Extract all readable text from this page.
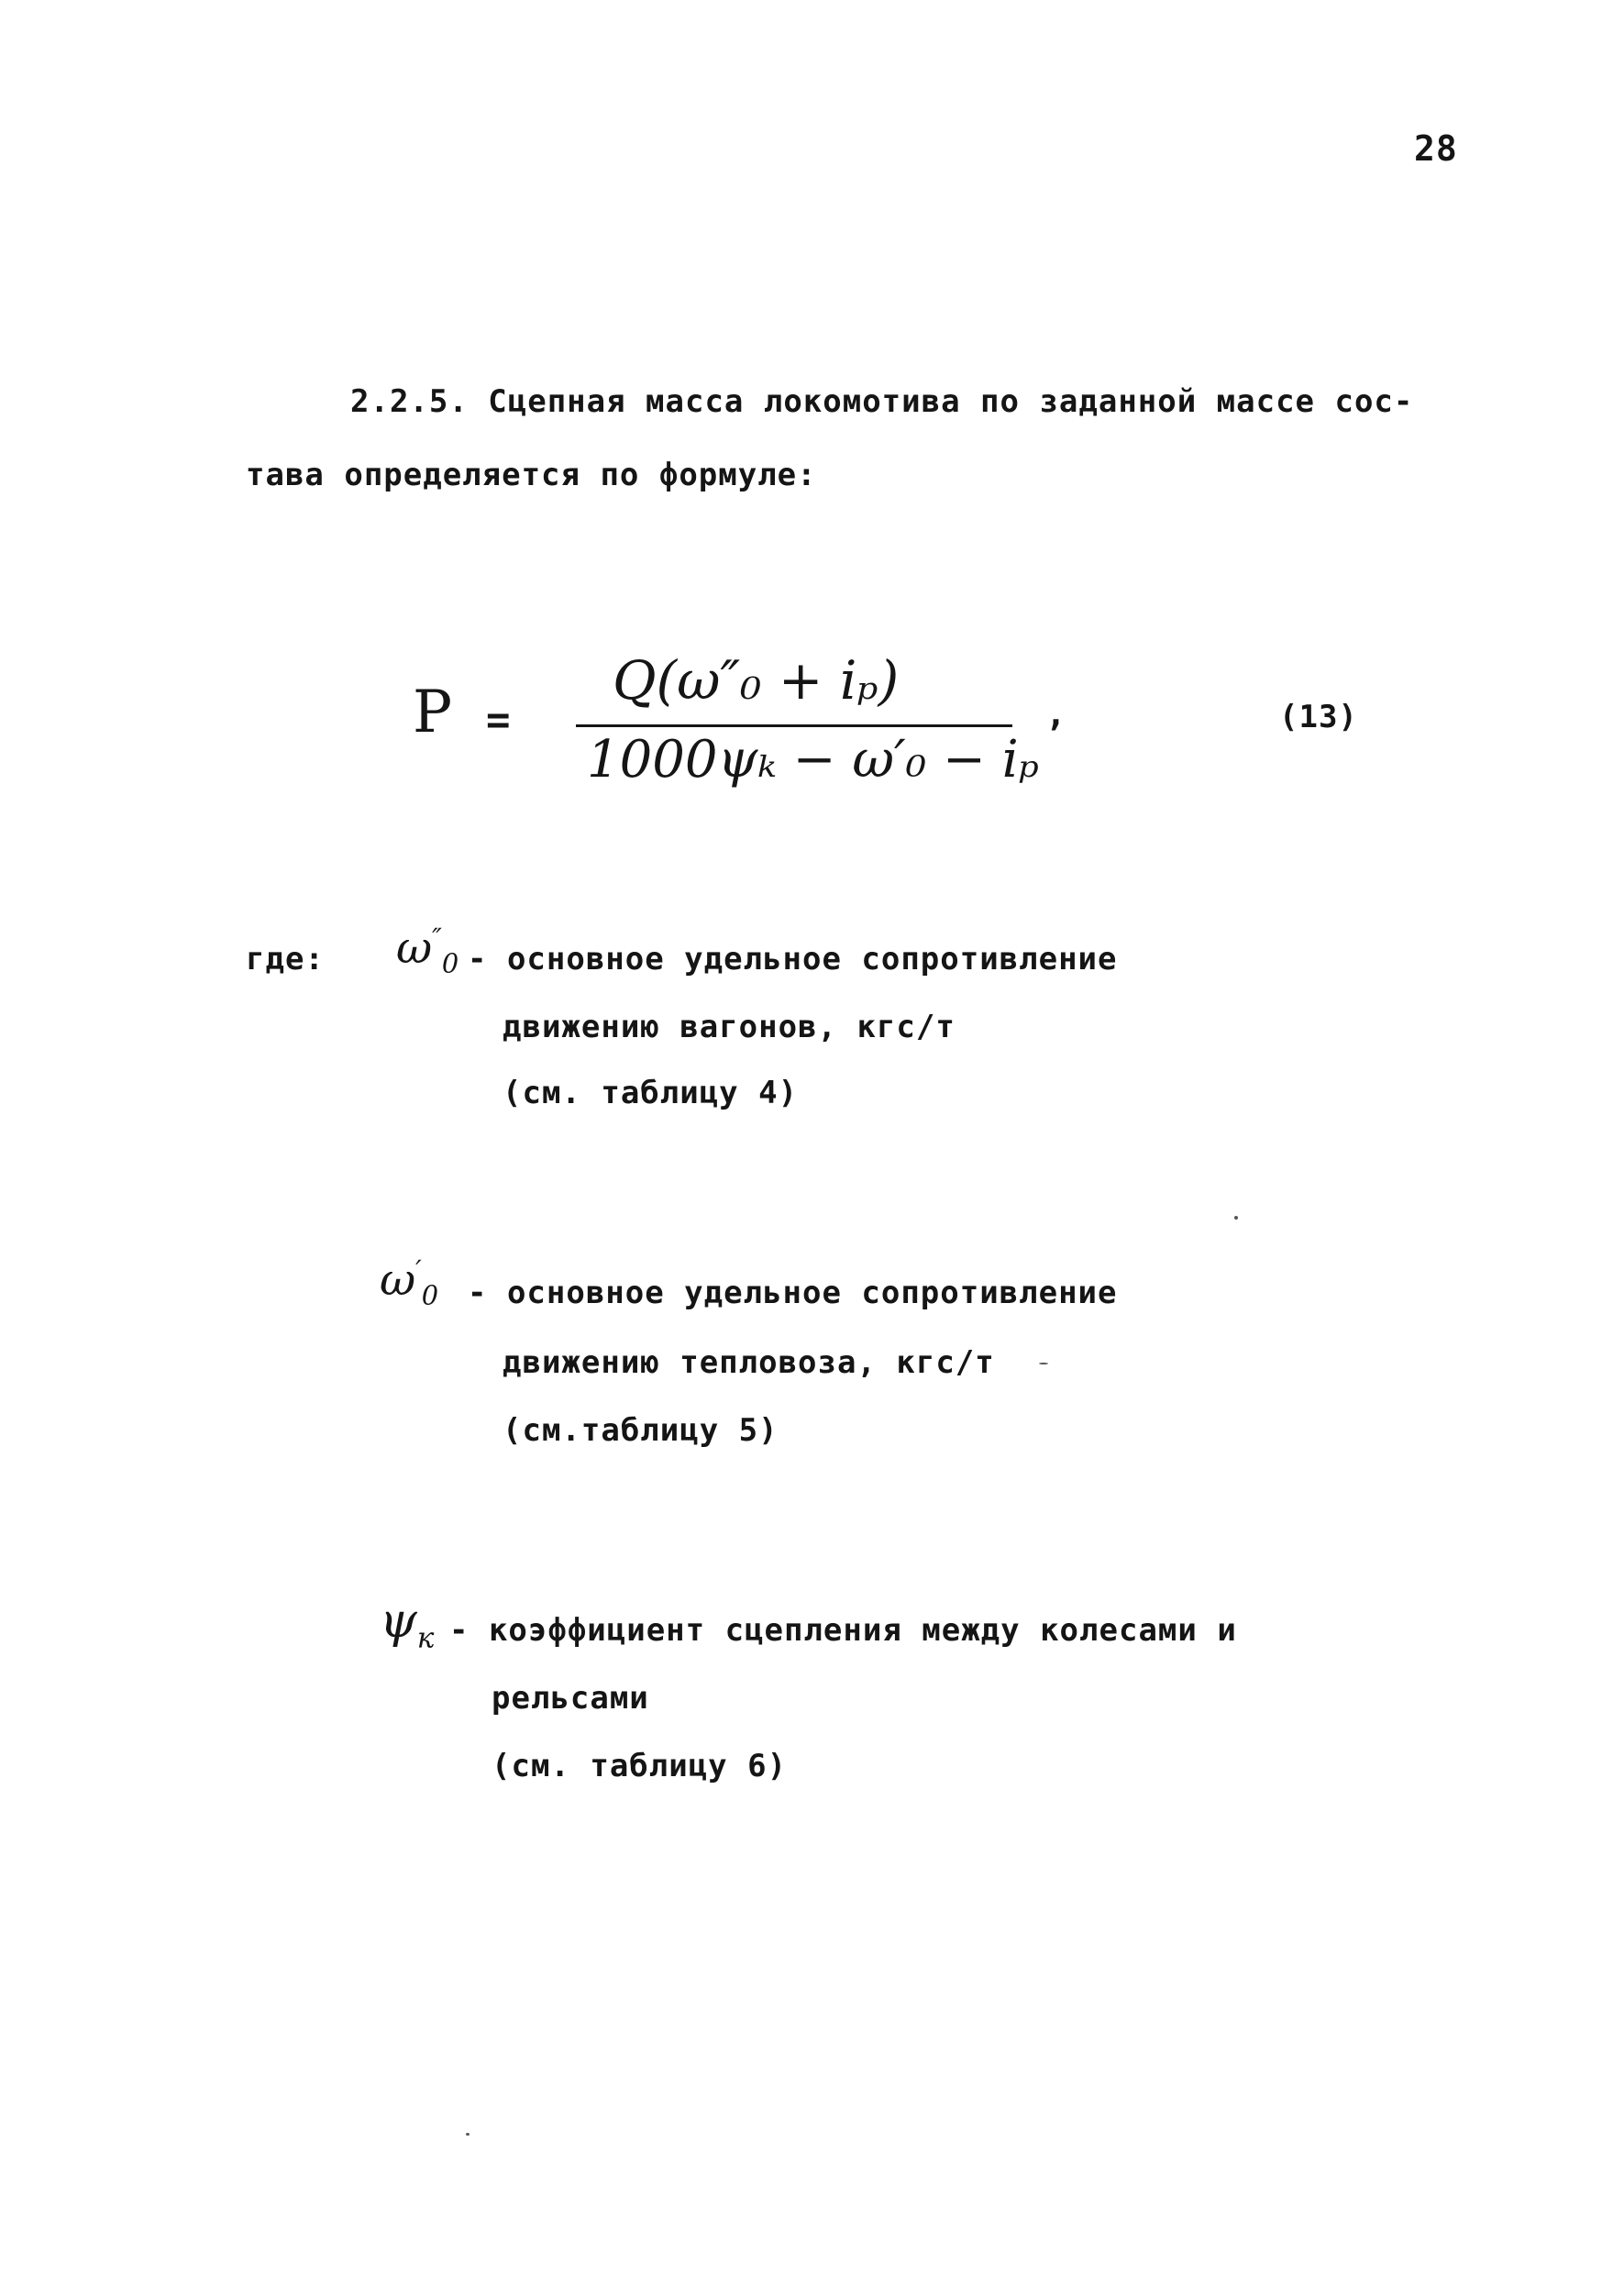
28
2.2.5. Сцепная масса локомотива по заданной массе сос-
тава определяется по формуле:
P =
Q(ω″₀ + iₚ)
1000ψₖ − ω′₀ − iₚ
,	(13)
где: $\omega''_0$ - основное удельное сопротивление
движению вагонов, кгс/т
(см. таблицу 4)
$\omega'_0$ - основное удельное сопротивление
движению тепловоза, кгс/т
(см.таблицу 5)
$\psi_к$ - коэффициент сцепления между колесами и
рельсами
(см. таблицу 6)
